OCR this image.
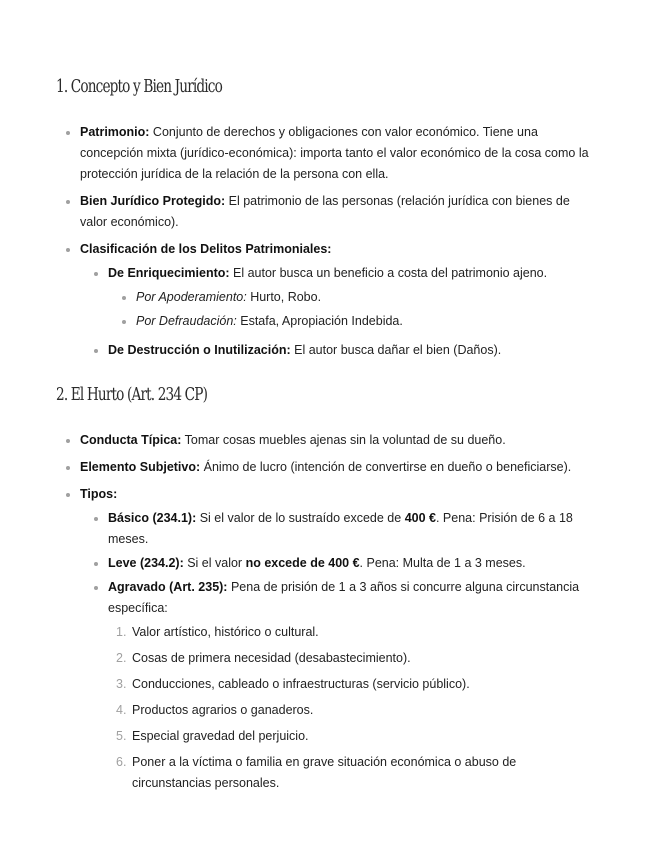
1. Concepto y Bien Jurídico
Patrimonio: Conjunto de derechos y obligaciones con valor económico. Tiene una concepción mixta (jurídico-económica): importa tanto el valor económico de la cosa como la protección jurídica de la relación de la persona con ella.
Bien Jurídico Protegido: El patrimonio de las personas (relación jurídica con bienes de valor económico).
Clasificación de los Delitos Patrimoniales:
De Enriquecimiento: El autor busca un beneficio a costa del patrimonio ajeno.
Por Apoderamiento: Hurto, Robo.
Por Defraudación: Estafa, Apropiación Indebida.
De Destrucción o Inutilización: El autor busca dañar el bien (Daños).
2. El Hurto (Art. 234 CP)
Conducta Típica: Tomar cosas muebles ajenas sin la voluntad de su dueño.
Elemento Subjetivo: Ánimo de lucro (intención de convertirse en dueño o beneficiarse).
Tipos:
Básico (234.1): Si el valor de lo sustraído excede de 400 €. Pena: Prisión de 6 a 18 meses.
Leve (234.2): Si el valor no excede de 400 €. Pena: Multa de 1 a 3 meses.
Agravado (Art. 235): Pena de prisión de 1 a 3 años si concurre alguna circunstancia específica:
1. Valor artístico, histórico o cultural.
2. Cosas de primera necesidad (desabastecimiento).
3. Conducciones, cableado o infraestructuras (servicio público).
4. Productos agrarios o ganaderos.
5. Especial gravedad del perjuicio.
6. Poner a la víctima o familia en grave situación económica o abuso de circunstancias personales.
